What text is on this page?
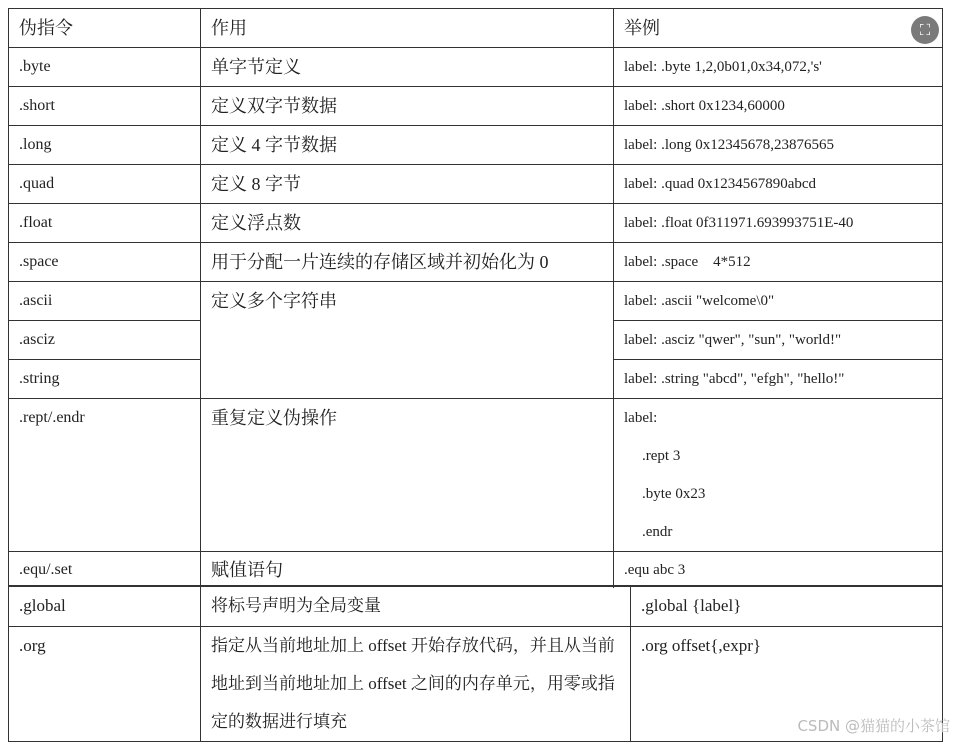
伪指令	作用	举例
.byte	单字节定义	label: .byte 1,2,0b01,0x34,072,'s'
.short	定义双字节数据	label: .short 0x1234,60000
.long	定义 4 字节数据	label: .long 0x12345678,23876565
.quad	定义 8 字节	label: .quad 0x1234567890abcd
.float	定义浮点数	label: .float 0f311971.693993751E-40
.space	用于分配一片连续的存储区域并初始化为 0	label: .space    4*512
.ascii	定义多个字符串	label: .ascii "welcome\0"
.asciz		label: .asciz "qwer", "sun", "world!"
.string		label: .string "abcd", "efgh", "hello!"
.rept/.endr	重复定义伪操作	label:
.rept 3
.byte 0x23
.endr

.equ/.set	赋值语句	.equ abc 3
.global	将标号声明为全局变量	.global {label}
.org	指定从当前地址加上 offset 开始存放代码，并且从当前地址到当前地址加上 offset 之间的内存单元，用零或指定的数据进行填充	.org offset{,expr}
⛶
CSDN @猫猫的小茶馆
